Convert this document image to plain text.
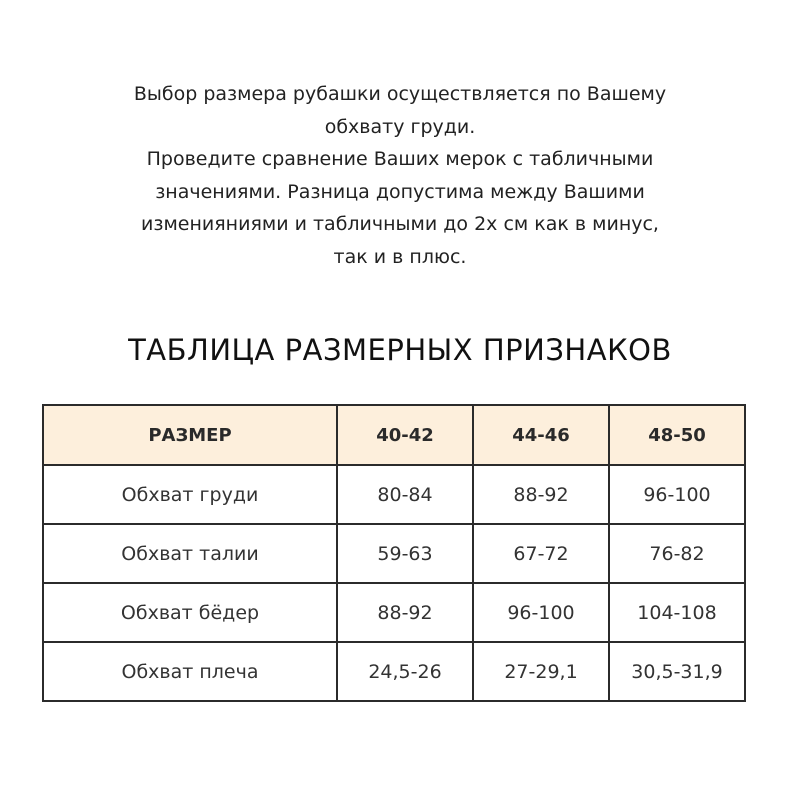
Выбор размера рубашки осуществляется по Вашему
обхвату груди.
Проведите сравнение Ваших мерок с табличными
значениями. Разница допустима между Вашими
изменияниями и табличными до 2х см как в минус,
так и в плюс.
ТАБЛИЦА РАЗМЕРНЫХ ПРИЗНАКОВ
РАЗМЕР	40-42	44-46	48-50
Обхват груди	80-84	88-92	96-100
Обхват талии	59-63	67-72	76-82
Обхват бёдер	88-92	96-100	104-108
Обхват плеча	24,5-26	27-29,1	30,5-31,9
